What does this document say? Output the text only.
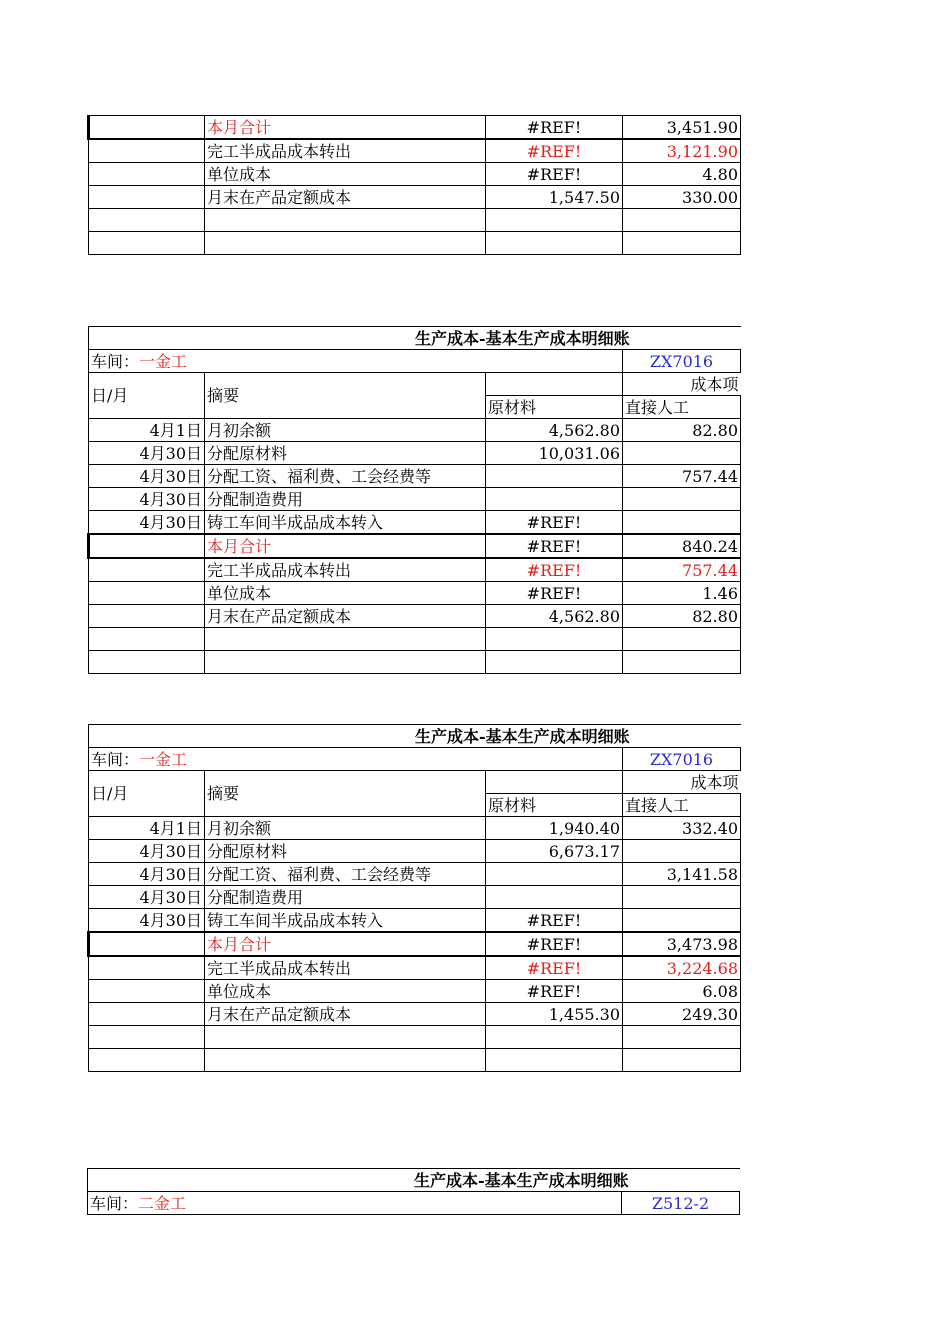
	本月合计	#REF!	3,451.90
	完工半成品成本转出	#REF!	3,121.90
	单位成本	#REF!	4.80
	月末在产品定额成本	1,547.50	330.00

生产成本-基本生产成本明细账			
车间：一金工			ZX7016
日/月	摘要		成本项
		原材料	直接人工
4月1日	月初余额	4,562.80	82.80
4月30日	分配原材料	10,031.06	
4月30日	分配工资、福利费、工会经费等		757.44
4月30日	分配制造费用		
4月30日	铸工车间半成品成本转入	#REF!	
	本月合计	#REF!	840.24
	完工半成品成本转出	#REF!	757.44
	单位成本	#REF!	1.46
	月末在产品定额成本	4,562.80	82.80

生产成本-基本生产成本明细账			
车间：一金工			ZX7016
日/月	摘要		成本项
		原材料	直接人工
4月1日	月初余额	1,940.40	332.40
4月30日	分配原材料	6,673.17	
4月30日	分配工资、福利费、工会经费等		3,141.58
4月30日	分配制造费用		
4月30日	铸工车间半成品成本转入	#REF!	
	本月合计	#REF!	3,473.98
	完工半成品成本转出	#REF!	3,224.68
	单位成本	#REF!	6.08
	月末在产品定额成本	1,455.30	249.30

生产成本-基本生产成本明细账
车间：二金工	Z512-2
